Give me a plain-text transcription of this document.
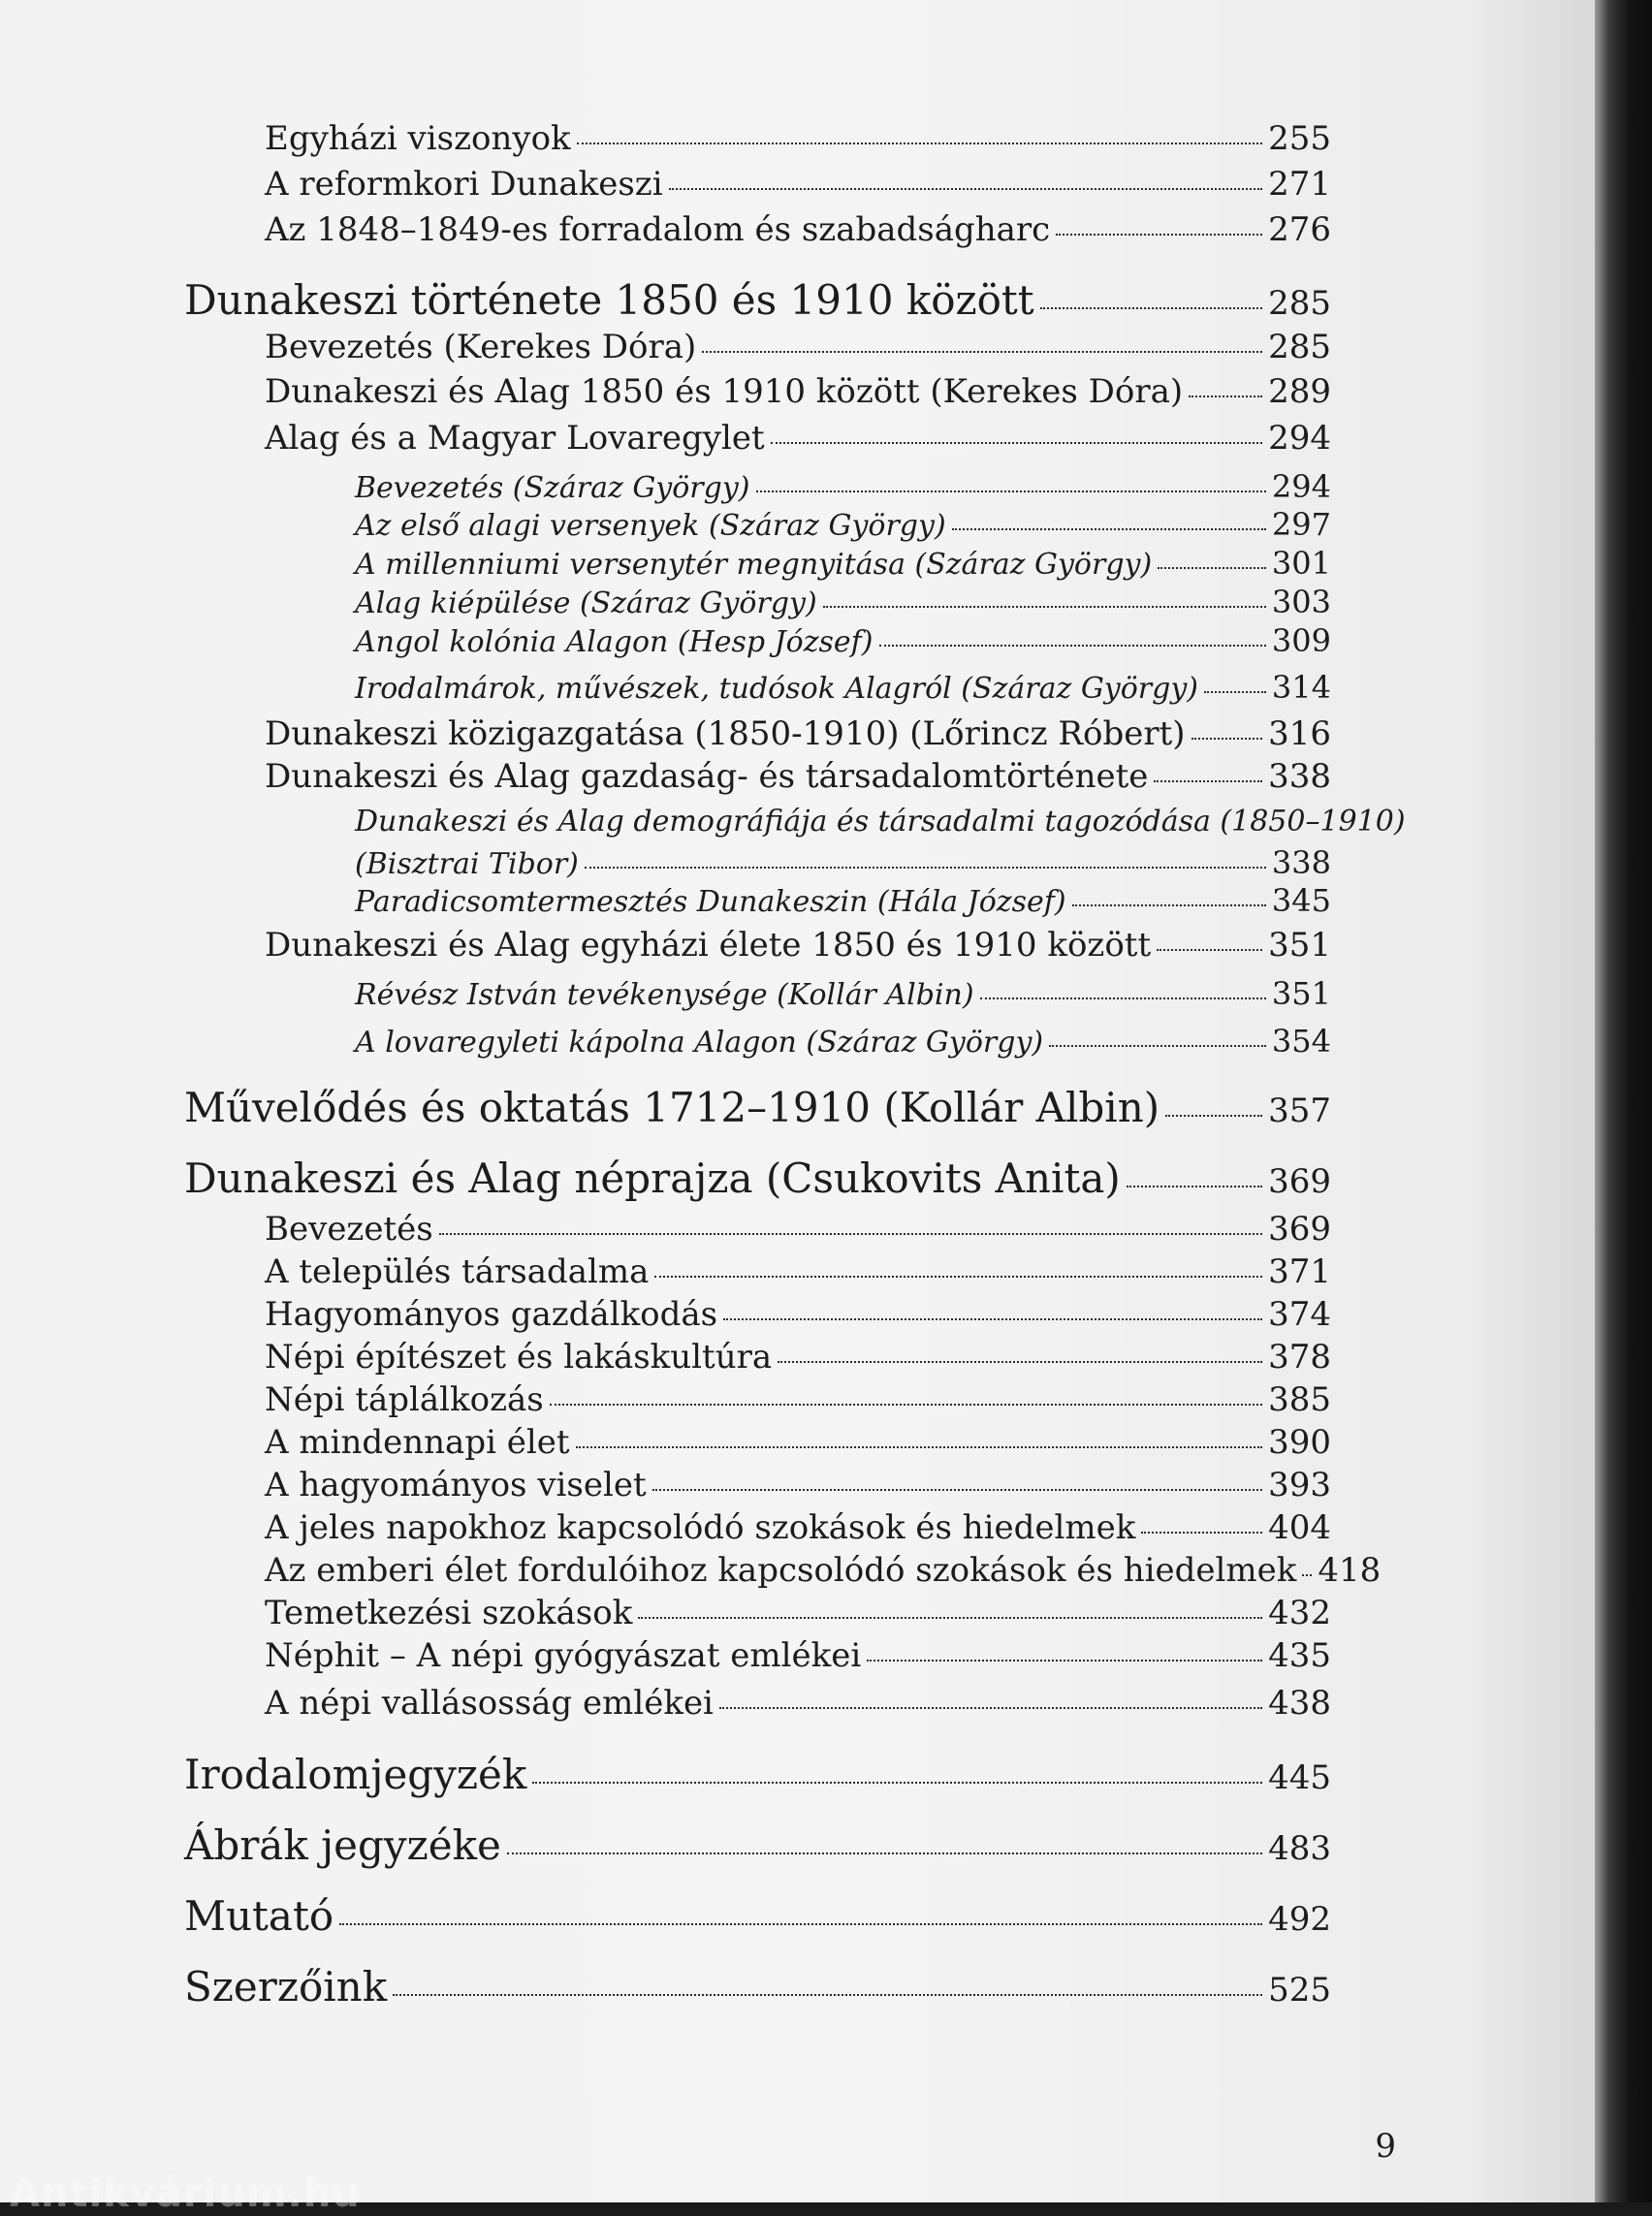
Egyházi viszonyok	255
A reformkori Dunakeszi	271
Az 1848–1849-es forradalom és szabadságharc	276
Dunakeszi története 1850 és 1910 között	285
Bevezetés (Kerekes Dóra)	285
Dunakeszi és Alag 1850 és 1910 között (Kerekes Dóra)	289
Alag és a Magyar Lovaregylet	294
Bevezetés (Száraz György)	294
Az első alagi versenyek (Száraz György)	297
A millenniumi versenytér megnyitása (Száraz György)	301
Alag kiépülése (Száraz György)	303
Angol kolónia Alagon (Hesp József)	309
Irodalmárok, művészek, tudósok Alagról (Száraz György) 314
Dunakeszi közigazgatása (1850-1910) (Lőrincz Róbert)	316
Dunakeszi és Alag gazdaság- és társadalomtörténete	338
Dunakeszi és Alag demográfiája és társadalmi tagozódása (1850–1910)
(Bisztrai Tibor)	338
Paradicsomtermesztés Dunakeszin (Hála József)	345
Dunakeszi és Alag egyházi élete 1850 és 1910 között	351
Révész István tevékenysége (Kollár Albin)	351
A lovaregyleti kápolna Alagon (Száraz György)	354
Művelődés és oktatás 1712–1910 (Kollár Albin)	357
Dunakeszi és Alag néprajza (Csukovits Anita)	369
Bevezetés	369
A település társadalma	371
Hagyományos gazdálkodás	374
Népi építészet és lakáskultúra	378
Népi táplálkozás	385
A mindennapi élet	390
A hagyományos viselet	393
A jeles napokhoz kapcsolódó szokások és hiedelmek	404
Az emberi élet fordulóihoz kapcsolódó szokások és hiedelmek 418
Temetkezési szokások	432
Néphit – A népi gyógyászat emlékei	435
A népi vallásosság emlékei	438
Irodalomjegyzék	445
Ábrák jegyzéke	483
Mutató	492
Szerzőink	525
9
Antikvárium.hu
